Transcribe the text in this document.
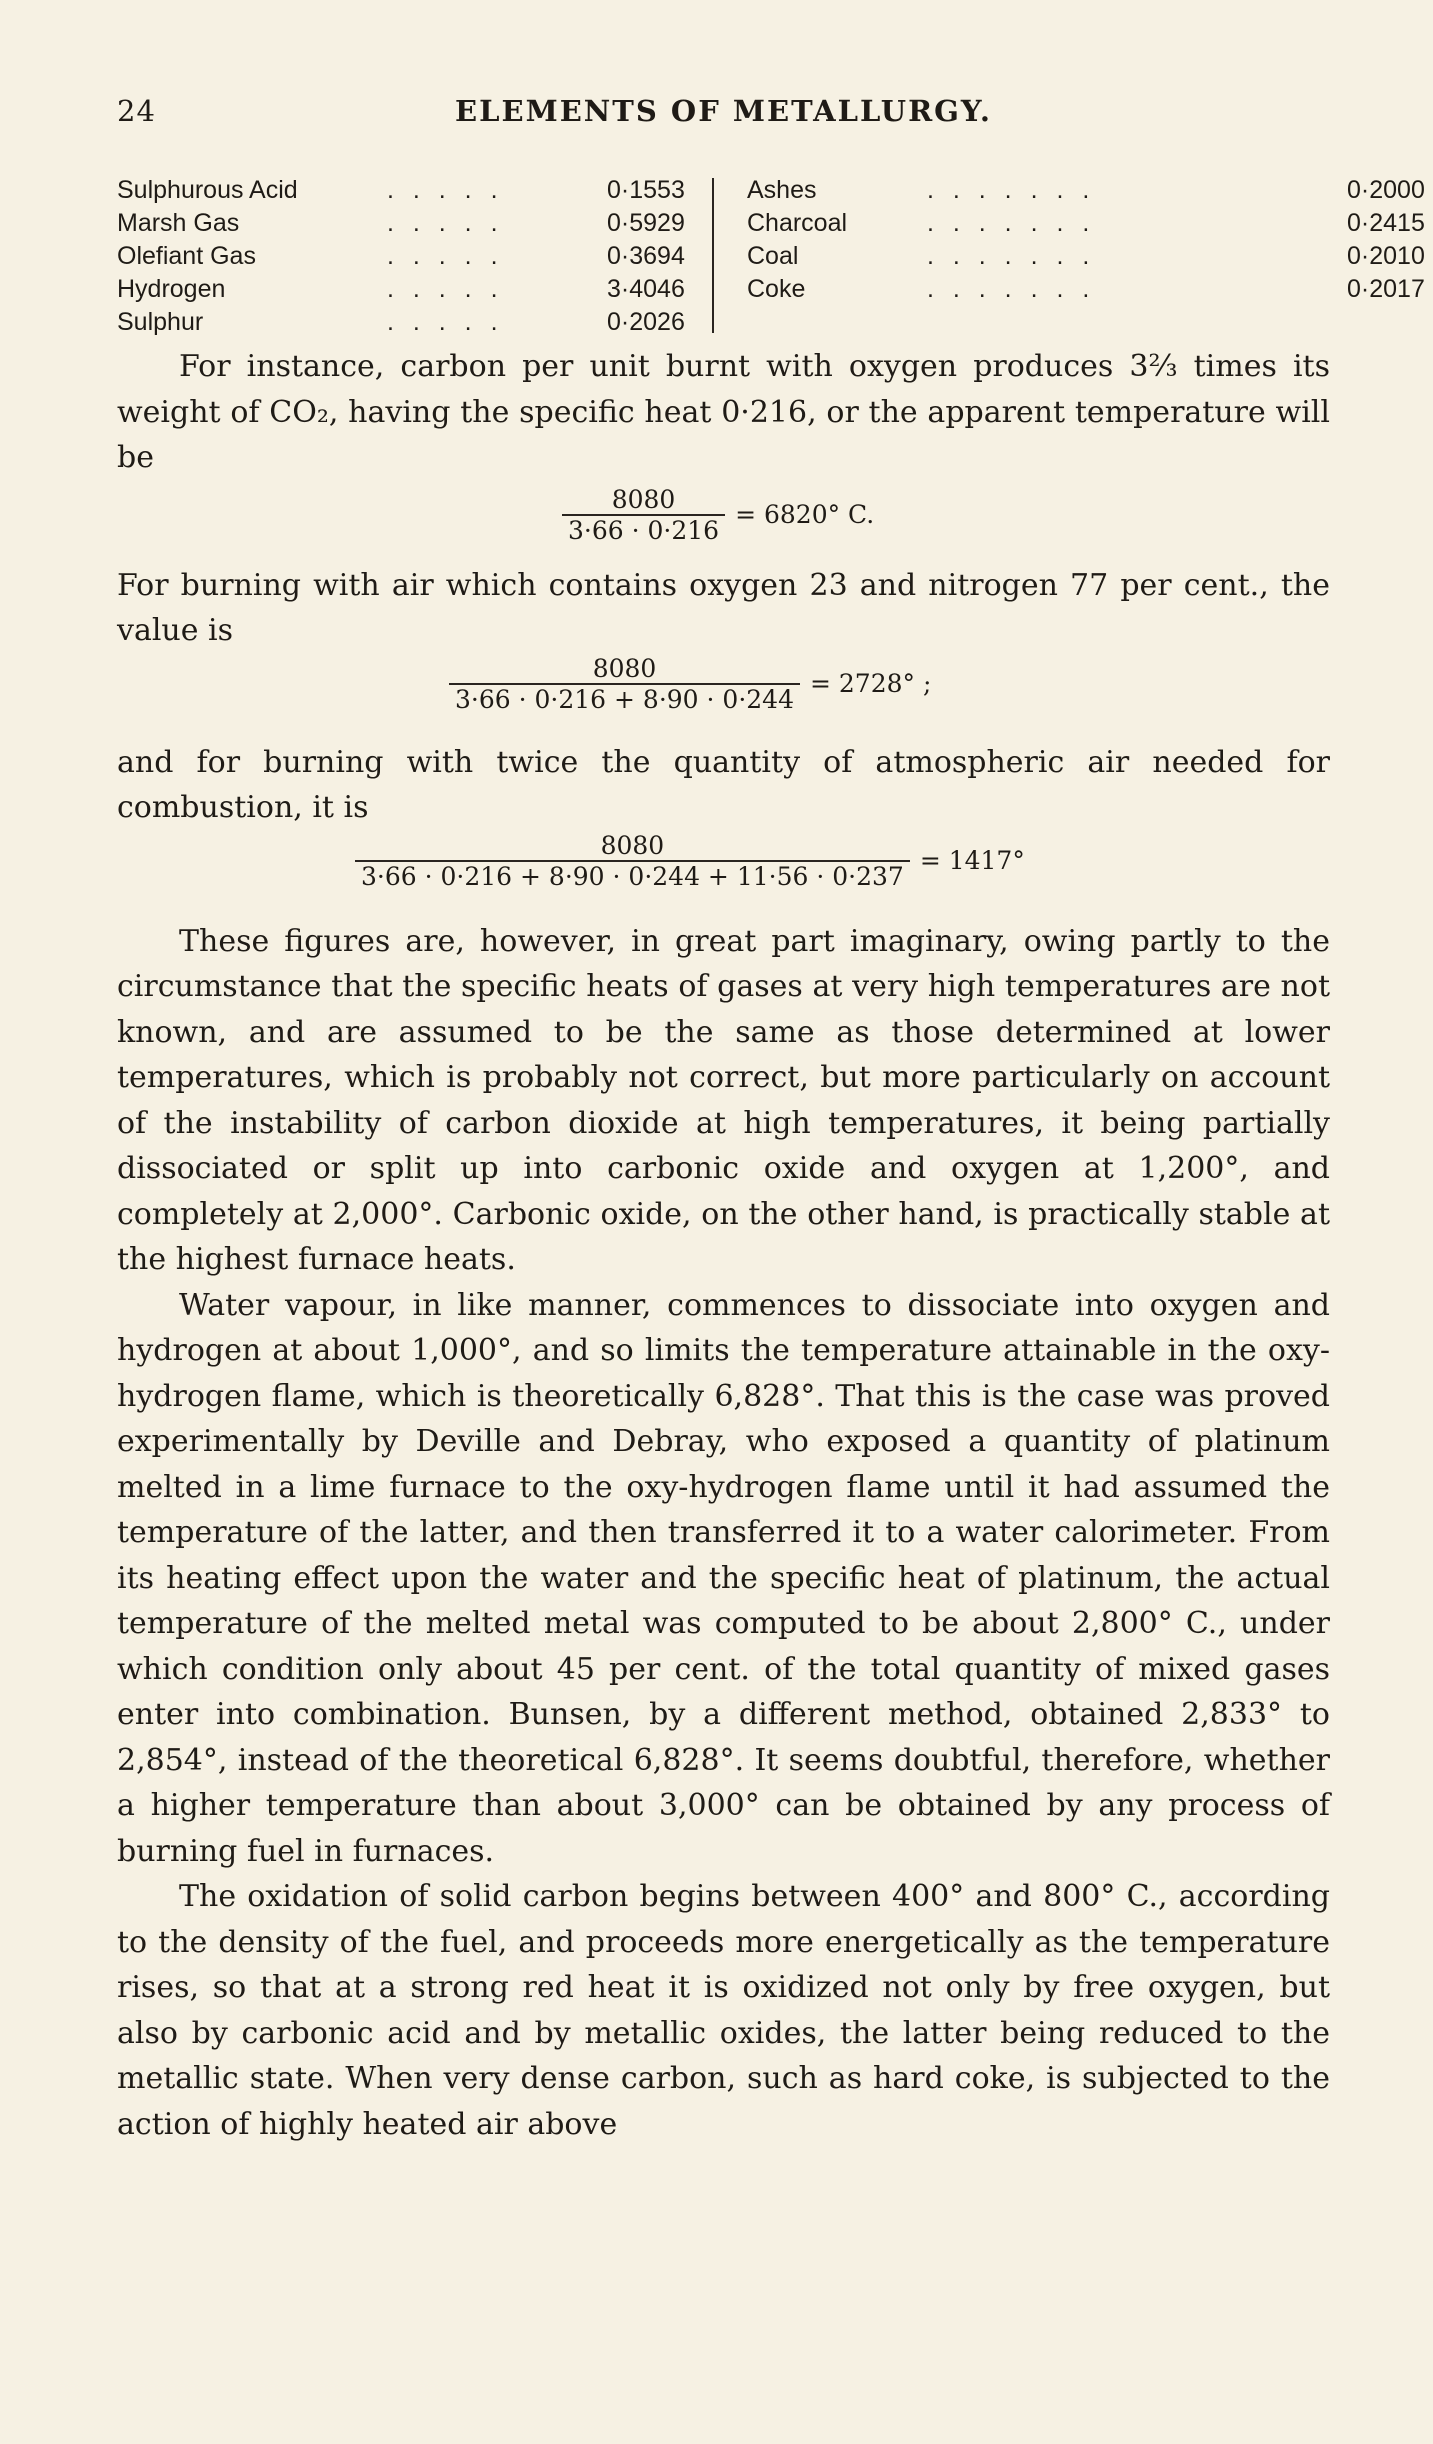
24	ELEMENTS OF METALLURGY.
Sulphurous Acid	. . . . .	0·1553
Marsh Gas	. . . . .	0·5929
Olefiant Gas	. . . . .	0·3694
Hydrogen	. . . . .	3·4046
Sulphur	. . . . .	0·2026
Ashes	. . . . . . .	0·2000
Charcoal	. . . . . . .	0·2415
Coal	. . . . . . .	0·2010
Coke	. . . . . . .	0·2017

For instance, carbon per unit burnt with oxygen produces 3⅔ times its weight of CO₂, having the specific heat 0·216, or the apparent temperature will be

$\frac{8080}{3\cdot 66 \cdot 0\cdot 216} = 6820^\circ$ C.

For burning with air which contains oxygen 23 and nitrogen 77 per cent., the value is

$\frac{8080}{3\cdot 66 \cdot 0\cdot 216 + 8\cdot 90 \cdot 0\cdot 244} = 2728^\circ$ ;

and for burning with twice the quantity of atmospheric air needed for combustion, it is

$\frac{8080}{3\cdot 66 \cdot 0\cdot 216 + 8\cdot 90 \cdot 0\cdot 244 + 11\cdot 56 \cdot 0\cdot 237} = 1417^\circ$

These figures are, however, in great part imaginary, owing partly to the circumstance that the specific heats of gases at very high temperatures are not known, and are assumed to be the same as those determined at lower temperatures, which is probably not correct, but more particularly on account of the instability of carbon dioxide at high temperatures, it being partially dissociated or split up into carbonic oxide and oxygen at 1,200°, and completely at 2,000°. Carbonic oxide, on the other hand, is practically stable at the highest furnace heats.

Water vapour, in like manner, commences to dissociate into oxygen and hydrogen at about 1,000°, and so limits the temperature attainable in the oxy-hydrogen flame, which is theoretically 6,828°. That this is the case was proved experimentally by Deville and Debray, who exposed a quantity of platinum melted in a lime furnace to the oxy-hydrogen flame until it had assumed the temperature of the latter, and then transferred it to a water calorimeter. From its heating effect upon the water and the specific heat of platinum, the actual temperature of the melted metal was computed to be about 2,800° C., under which condition only about 45 per cent. of the total quantity of mixed gases enter into combination. Bunsen, by a different method, obtained 2,833° to 2,854°, instead of the theoretical 6,828°. It seems doubtful, therefore, whether a higher temperature than about 3,000° can be obtained by any process of burning fuel in furnaces.

The oxidation of solid carbon begins between 400° and 800° C., according to the density of the fuel, and proceeds more energetically as the temperature rises, so that at a strong red heat it is oxidized not only by free oxygen, but also by carbonic acid and by metallic oxides, the latter being reduced to the metallic state. When very dense carbon, such as hard coke, is subjected to the action of highly heated air above
